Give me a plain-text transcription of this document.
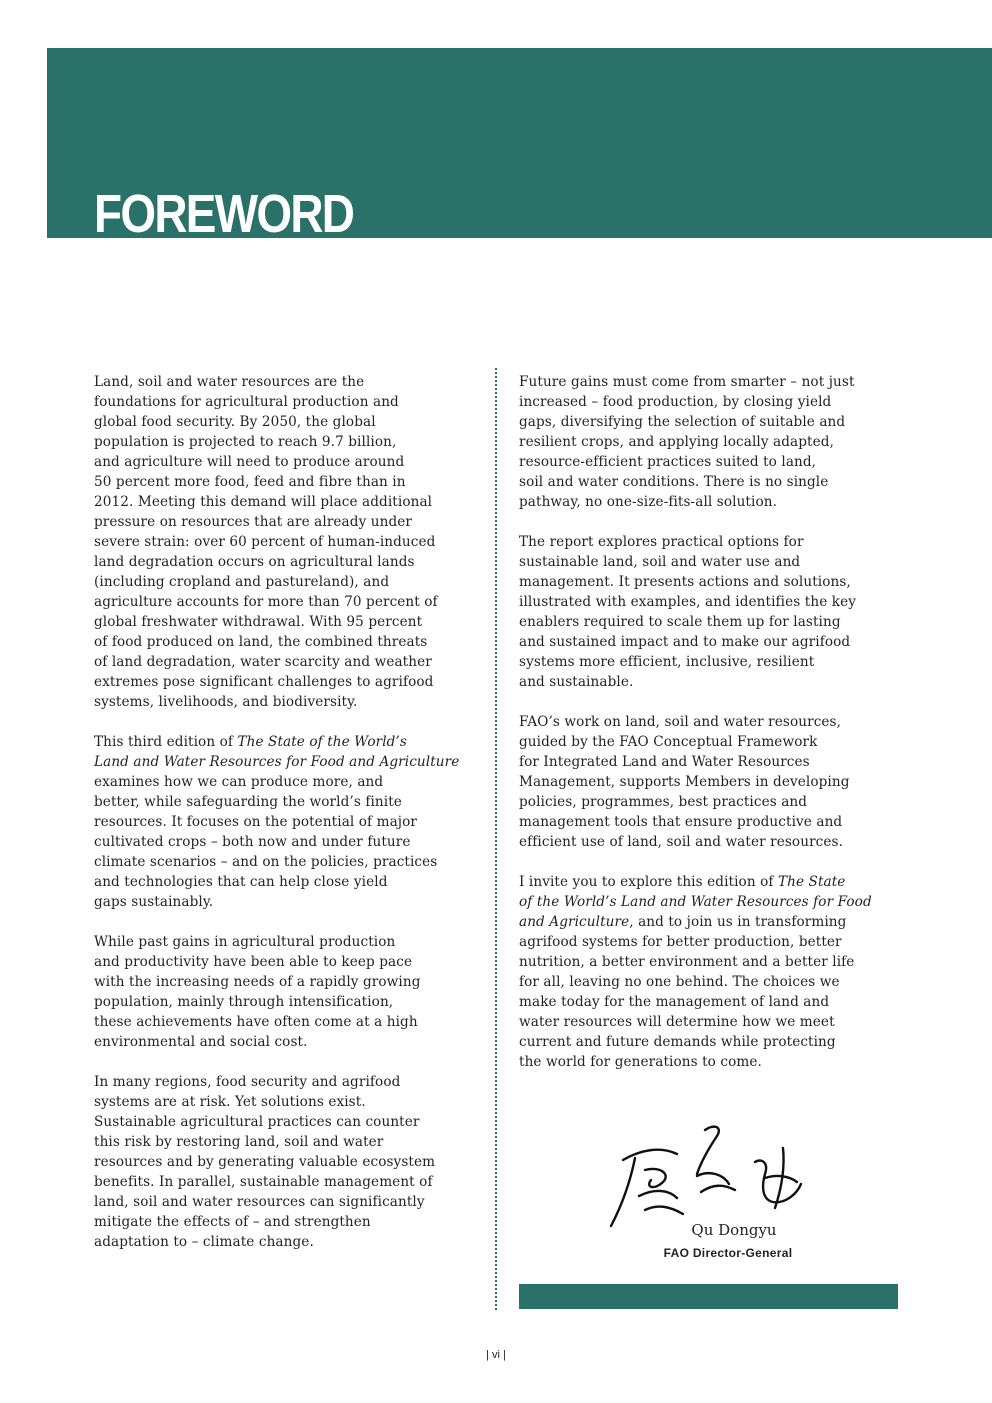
FOREWORD

Land, soil and water resources are the
foundations for agricultural production and
global food security. By 2050, the global
population is projected to reach 9.7 billion,
and agriculture will need to produce around
50 percent more food, feed and fibre than in
2012. Meeting this demand will place additional
pressure on resources that are already under
severe strain: over 60 percent of human-induced
land degradation occurs on agricultural lands
(including cropland and pastureland), and
agriculture accounts for more than 70 percent of
global freshwater withdrawal. With 95 percent
of food produced on land, the combined threats
of land degradation, water scarcity and weather
extremes pose significant challenges to agrifood
systems, livelihoods, and biodiversity.

This third edition of The State of the World’s
Land and Water Resources for Food and Agriculture
examines how we can produce more, and
better, while safeguarding the world’s finite
resources. It focuses on the potential of major
cultivated crops – both now and under future
climate scenarios – and on the policies, practices
and technologies that can help close yield
gaps sustainably.

While past gains in agricultural production
and productivity have been able to keep pace
with the increasing needs of a rapidly growing
population, mainly through intensification,
these achievements have often come at a high
environmental and social cost.

In many regions, food security and agrifood
systems are at risk. Yet solutions exist.
Sustainable agricultural practices can counter
this risk by restoring land, soil and water
resources and by generating valuable ecosystem
benefits. In parallel, sustainable management of
land, soil and water resources can significantly
mitigate the effects of – and strengthen
adaptation to – climate change.

Future gains must come from smarter – not just
increased – food production, by closing yield
gaps, diversifying the selection of suitable and
resilient crops, and applying locally adapted,
resource-efficient practices suited to land,
soil and water conditions. There is no single
pathway, no one-size-fits-all solution.

The report explores practical options for
sustainable land, soil and water use and
management. It presents actions and solutions,
illustrated with examples, and identifies the key
enablers required to scale them up for lasting
and sustained impact and to make our agrifood
systems more efficient, inclusive, resilient
and sustainable.

FAO’s work on land, soil and water resources,
guided by the FAO Conceptual Framework
for Integrated Land and Water Resources
Management, supports Members in developing
policies, programmes, best practices and
management tools that ensure productive and
efficient use of land, soil and water resources.

I invite you to explore this edition of The State
of the World’s Land and Water Resources for Food
and Agriculture, and to join us in transforming
agrifood systems for better production, better
nutrition, a better environment and a better life
for all, leaving no one behind. The choices we
make today for the management of land and
water resources will determine how we meet
current and future demands while protecting
the world for generations to come.

Qu Dongyu
FAO Director-General
| vi |
